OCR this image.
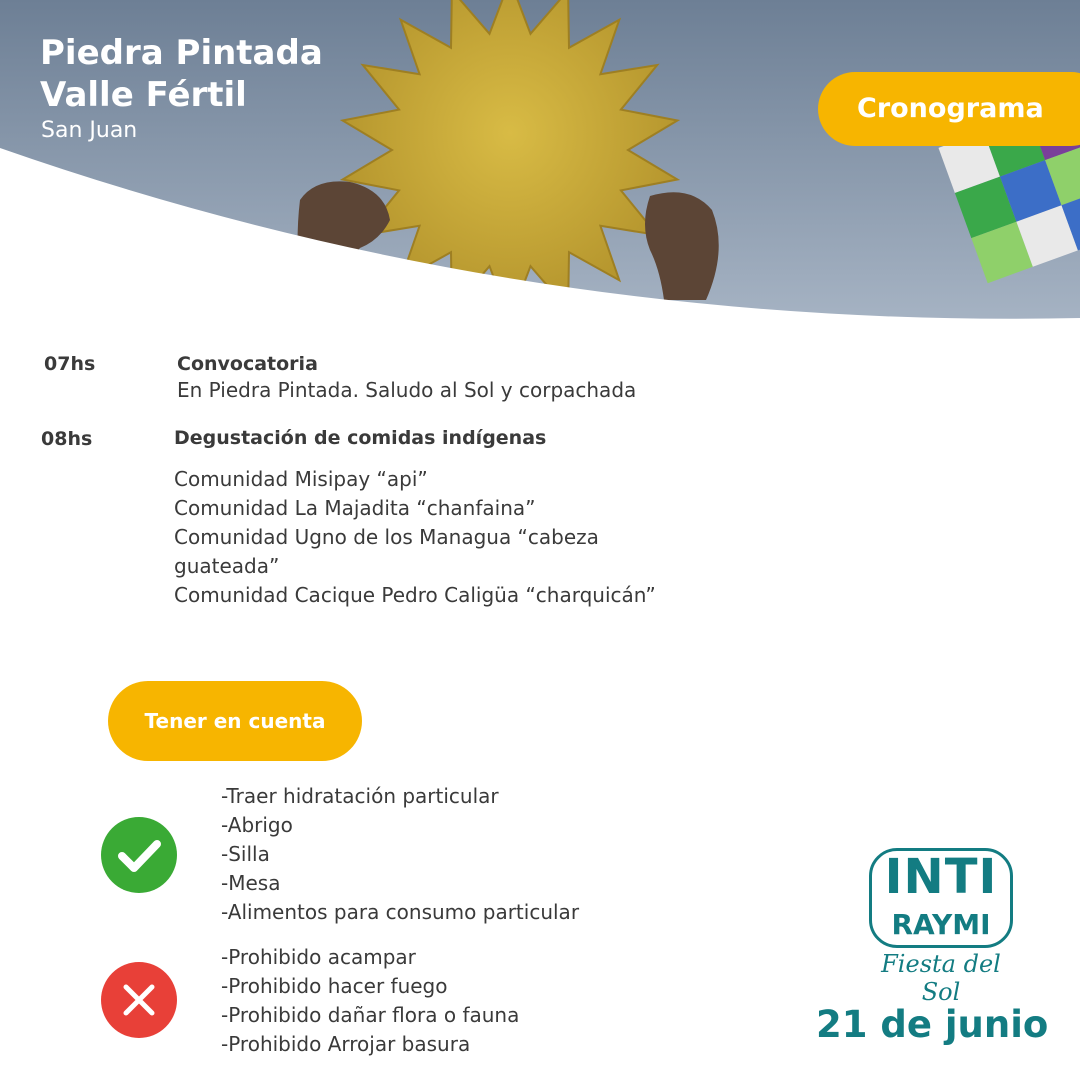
Piedra Pintada
Valle Fértil
San Juan
Cronograma
07hs	Convocatoria
En Piedra Pintada. Saludo al Sol y corpachada
08hs	Degustación de comidas indígenas
Comunidad Misipay “api”
Comunidad La Majadita “chanfaina”
Comunidad Ugno de los Managua “cabeza guateada”
Comunidad Cacique Pedro Caligüa “charquicán”
Tener en cuenta
-Traer hidratación particular
-Abrigo
-Silla
-Mesa
-Alimentos para consumo particular
-Prohibido acampar
-Prohibido hacer fuego
-Prohibido dañar flora o fauna
-Prohibido Arrojar basura
INTI
RAYMI
Fiesta del Sol
21 de junio
